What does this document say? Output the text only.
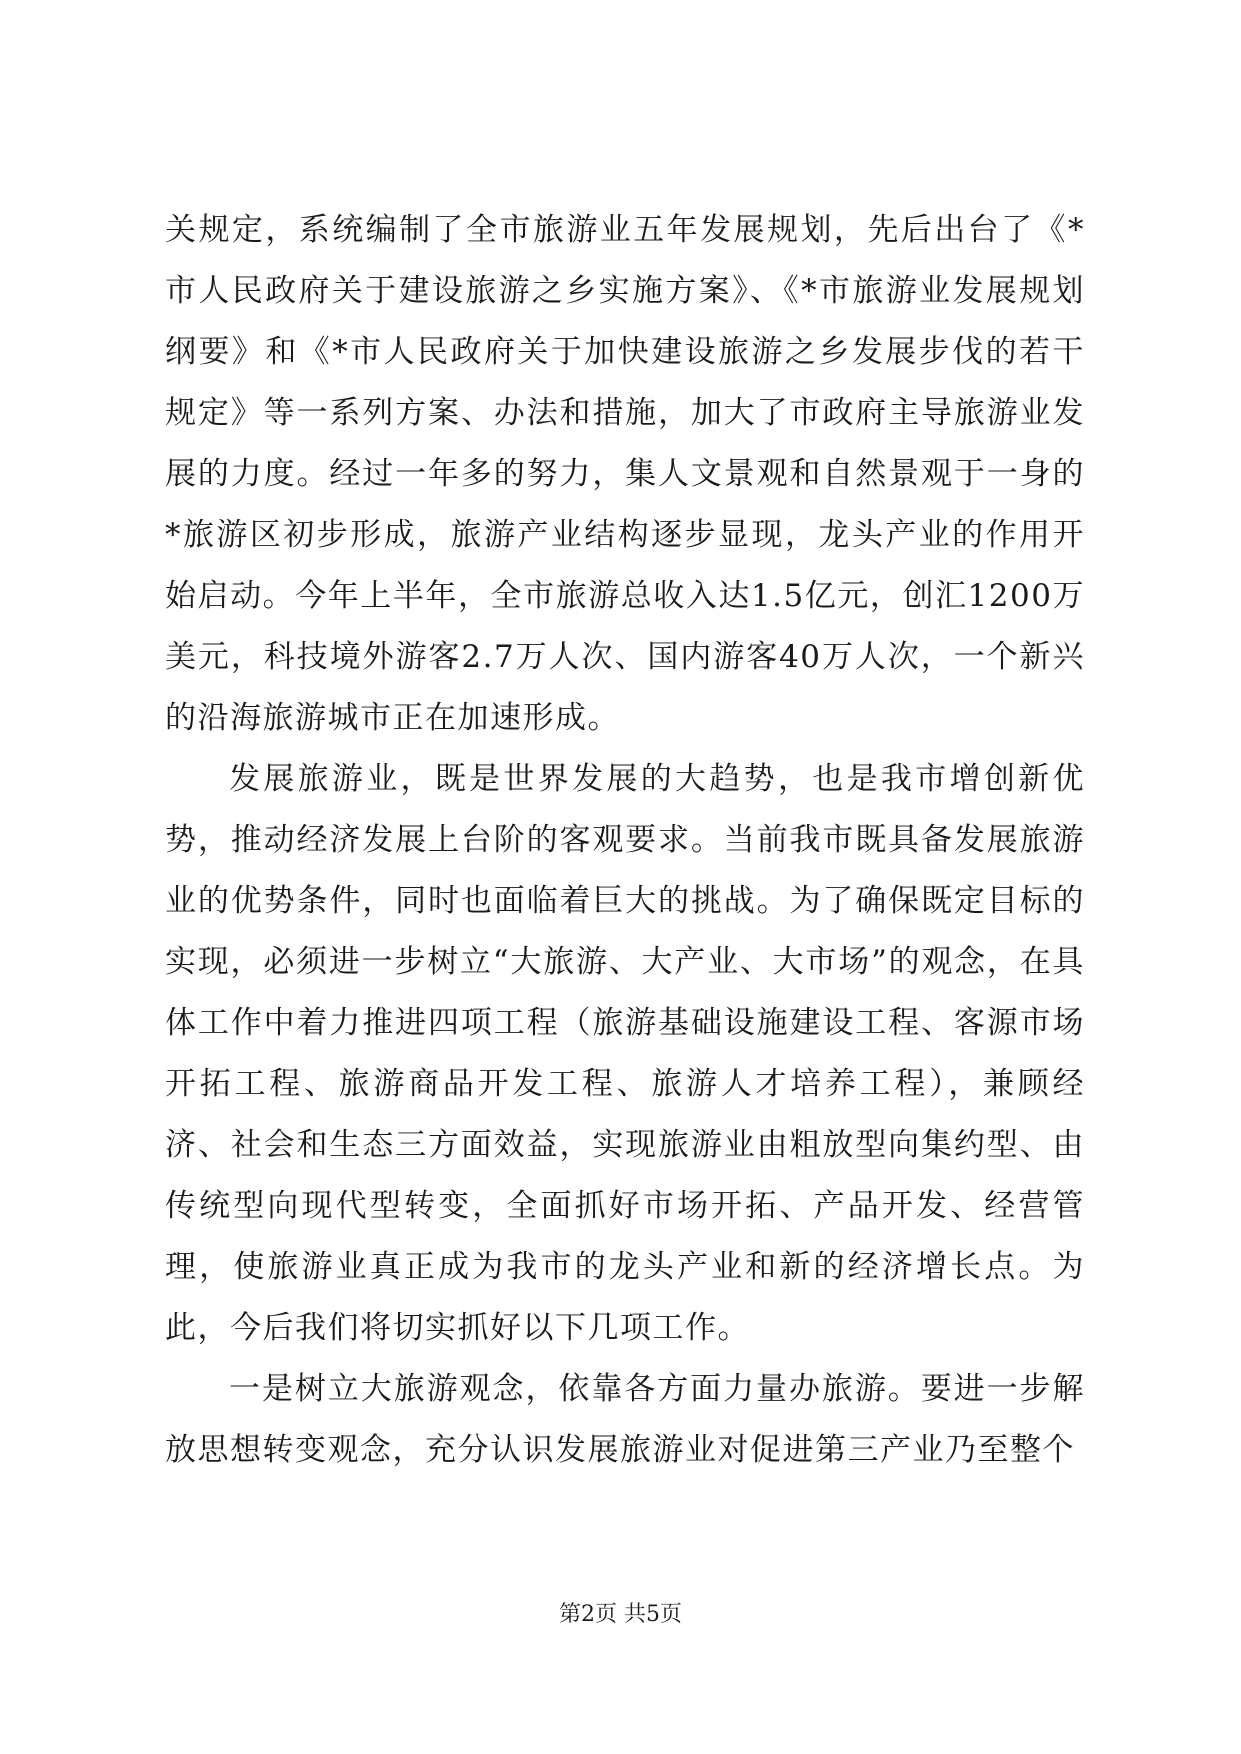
关规定，系统编制了全市旅游业五年发展规划，先后出台了《*市人民政府关于建设旅游之乡实施方案》、《*市旅游业发展规划纲要》和《*市人民政府关于加快建设旅游之乡发展步伐的若干规定》等一系列方案、办法和措施，加大了市政府主导旅游业发展的力度。经过一年多的努力，集人文景观和自然景观于一身的*旅游区初步形成，旅游产业结构逐步显现，龙头产业的作用开始启动。今年上半年，全市旅游总收入达1.5亿元，创汇1200万美元，科技境外游客2.7万人次、国内游客40万人次，一个新兴的沿海旅游城市正在加速形成。

发展旅游业，既是世界发展的大趋势，也是我市增创新优势，推动经济发展上台阶的客观要求。当前我市既具备发展旅游业的优势条件，同时也面临着巨大的挑战。为了确保既定目标的实现，必须进一步树立“大旅游、大产业、大市场”的观念，在具体工作中着力推进四项工程（旅游基础设施建设工程、客源市场开拓工程、旅游商品开发工程、旅游人才培养工程），兼顾经济、社会和生态三方面效益，实现旅游业由粗放型向集约型、由传统型向现代型转变，全面抓好市场开拓、产品开发、经营管理，使旅游业真正成为我市的龙头产业和新的经济增长点。为此，今后我们将切实抓好以下几项工作。

一是树立大旅游观念，依靠各方面力量办旅游。要进一步解放思想转变观念，充分认识发展旅游业对促进第三产业乃至整个

第2页 共5页
